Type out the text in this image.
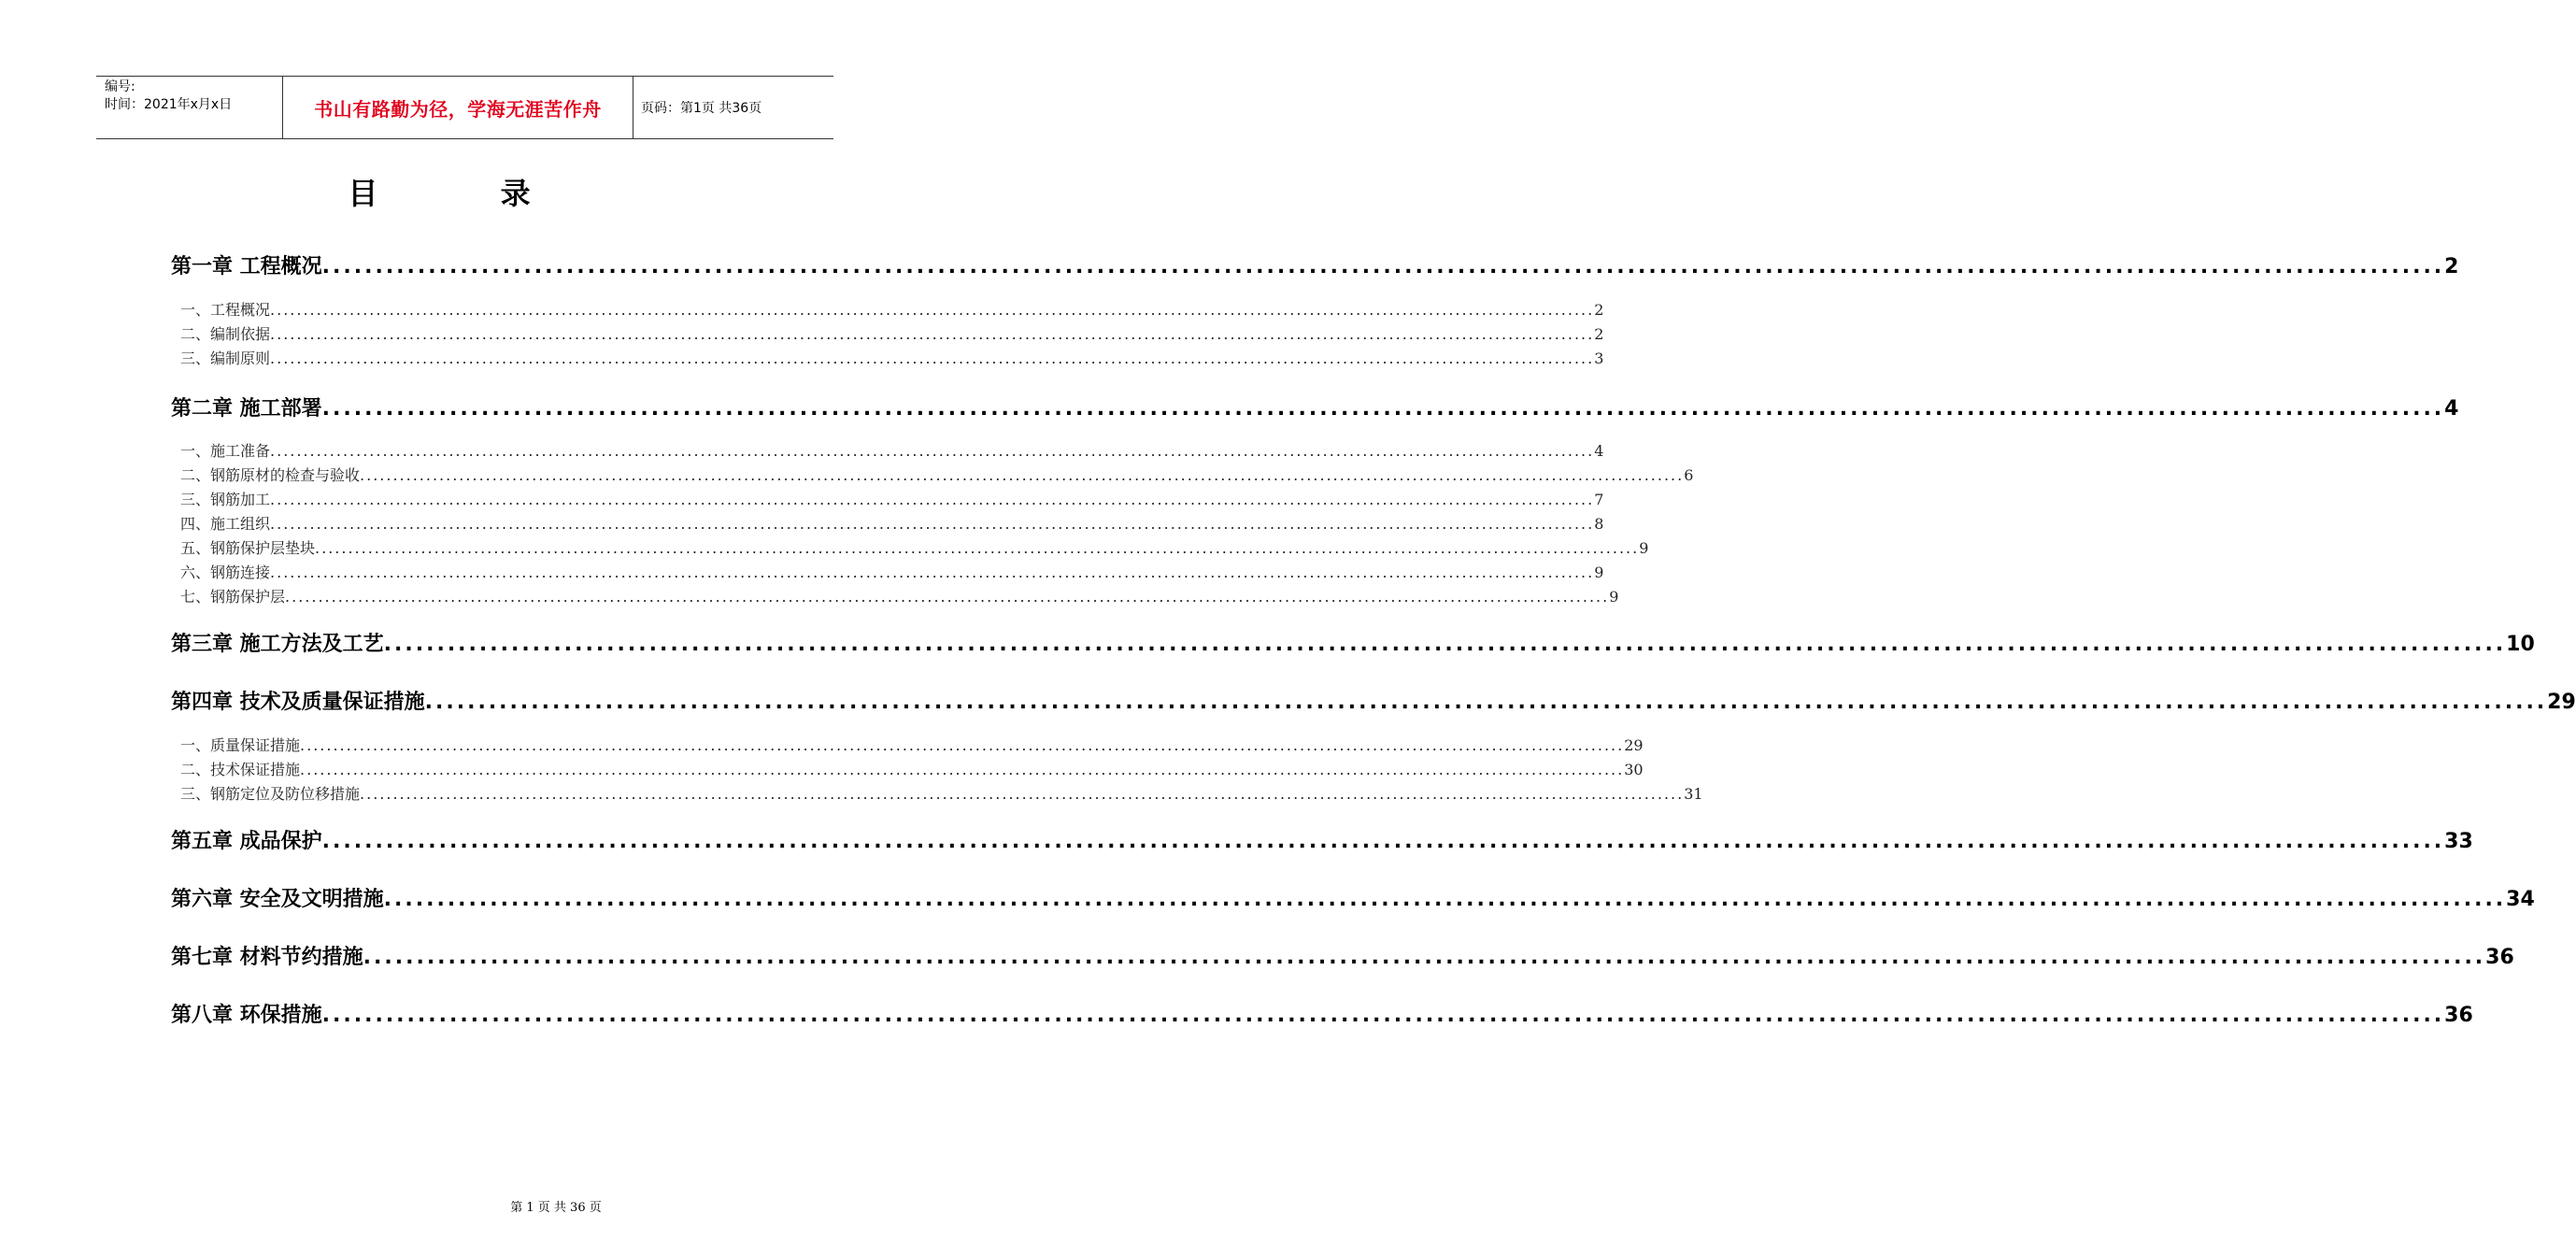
编号:
时间：2021年x月x日	书山有路勤为径，学海无涯苦作舟	页码：第1页 共36页
目 录
第一章 工程概况 ........................................................................................................................................................................................................ 2
一、工程概况 ........................................................................................................................................................................................................ 2
二、编制依据 ........................................................................................................................................................................................................ 2
三、编制原则 ........................................................................................................................................................................................................ 3
第二章 施工部署 ........................................................................................................................................................................................................ 4
一、施工准备 ........................................................................................................................................................................................................ 4
二、钢筋原材的检查与验收 ........................................................................................................................................................................................................ 6
三、钢筋加工 ........................................................................................................................................................................................................ 7
四、施工组织 ........................................................................................................................................................................................................ 8
五、钢筋保护层垫块 ........................................................................................................................................................................................................ 9
六、钢筋连接 ........................................................................................................................................................................................................ 9
七、钢筋保护层 ........................................................................................................................................................................................................ 9
第三章 施工方法及工艺 ........................................................................................................................................................................................................ 10
第四章 技术及质量保证措施 ........................................................................................................................................................................................................ 29
一、质量保证措施 ........................................................................................................................................................................................................ 29
二、技术保证措施 ........................................................................................................................................................................................................ 30
三、钢筋定位及防位移措施 ........................................................................................................................................................................................................ 31
第五章 成品保护 ........................................................................................................................................................................................................ 33
第六章 安全及文明措施 ........................................................................................................................................................................................................ 34
第七章 材料节约措施 ........................................................................................................................................................................................................ 36
第八章 环保措施 ........................................................................................................................................................................................................ 36
第 1 页 共 36 页
